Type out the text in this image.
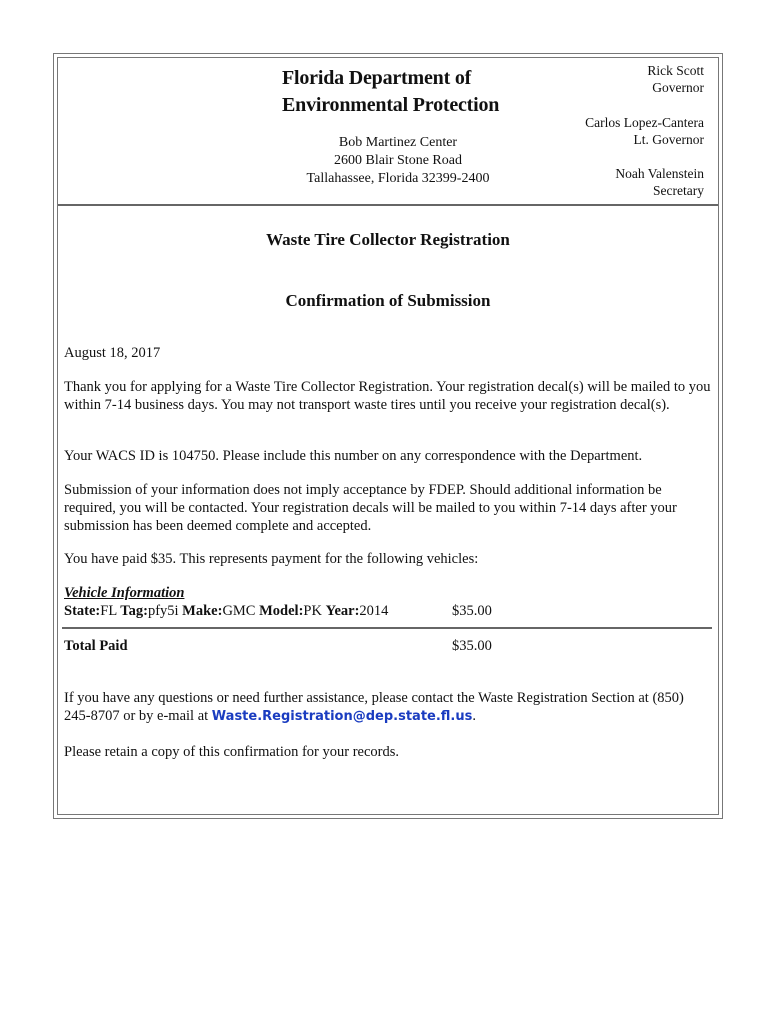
Florida Department of
Environmental Protection
Bob Martinez Center
2600 Blair Stone Road
Tallahassee, Florida 32399-2400
Rick Scott
Governor
Carlos Lopez-Cantera
Lt. Governor
Noah Valenstein
Secretary
Waste Tire Collector Registration
Confirmation of Submission
August 18, 2017
Thank you for applying for a Waste Tire Collector Registration. Your registration decal(s) will be mailed to you within 7-14 business days. You may not transport waste tires until you receive your registration decal(s).
Your WACS ID is 104750. Please include this number on any correspondence with the Department.
Submission of your information does not imply acceptance by FDEP. Should additional information be required, you will be contacted. Your registration decals will be mailed to you within 7-14 days after your submission has been deemed complete and accepted.
You have paid $35. This represents payment for the following vehicles:
Vehicle Information
State:FL Tag:pfy5i Make:GMC Model:PK Year:2014	$35.00
Total Paid	$35.00
If you have any questions or need further assistance, please contact the Waste Registration Section at (850) 245-8707 or by e-mail at Waste.Registration@dep.state.fl.us.
Please retain a copy of this confirmation for your records.
